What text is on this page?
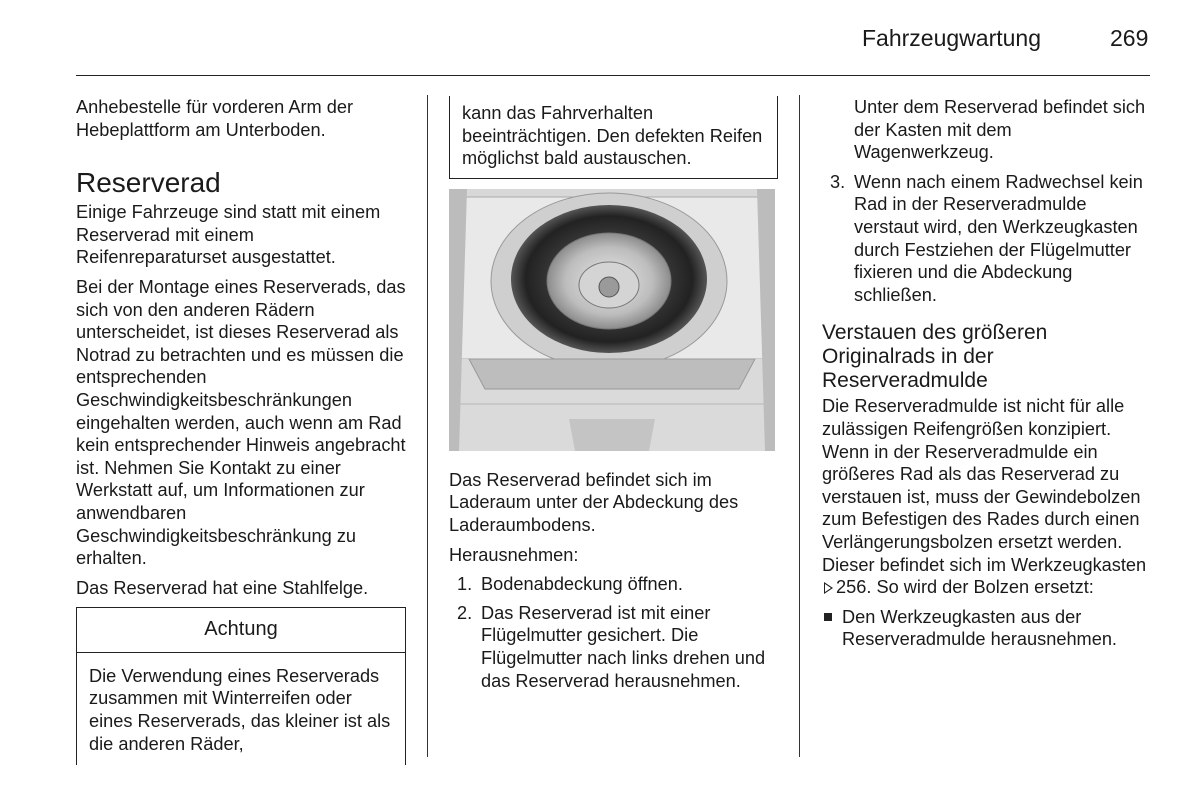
Fahrzeugwartung	269

Anhebestelle für vorderen Arm der Hebeplattform am Unterboden.

Reserverad

Einige Fahrzeuge sind statt mit einem Reserverad mit einem Reifenreparaturset ausgestattet.

Bei der Montage eines Reserverads, das sich von den anderen Rädern unterscheidet, ist dieses Reserverad als Notrad zu betrachten und es müssen die entsprechenden Geschwindigkeitsbeschränkungen eingehalten werden, auch wenn am Rad kein entsprechender Hinweis angebracht ist. Nehmen Sie Kontakt zu einer Werkstatt auf, um Informationen zur anwendbaren Geschwindigkeitsbeschränkung zu erhalten.

Das Reserverad hat eine Stahlfelge.

Achtung
Die Verwendung eines Reserverads zusammen mit Winterreifen oder eines Reserverads, das kleiner ist als die anderen Räder,
kann das Fahrverhalten beeinträchtigen. Den defekten Reifen möglichst bald austauschen.

Das Reserverad befindet sich im Laderaum unter der Abdeckung des Laderaumbodens.

Herausnehmen:

1. Bodenabdeckung öffnen.
2. Das Reserverad ist mit einer Flügelmutter gesichert. Die Flügelmutter nach links drehen und das Reserverad herausnehmen.

Unter dem Reserverad befindet sich der Kasten mit dem Wagenwerkzeug.

3. Wenn nach einem Radwechsel kein Rad in der Reserveradmulde verstaut wird, den Werkzeugkasten durch Festziehen der Flügelmutter fixieren und die Abdeckung schließen.
Verstauen des größeren Originalrads in der Reserveradmulde

Die Reserveradmulde ist nicht für alle zulässigen Reifengrößen konzipiert. Wenn in der Reserveradmulde ein größeres Rad als das Reserverad zu verstauen ist, muss der Gewindebolzen zum Befestigen des Rades durch einen Verlängerungsbolzen ersetzt werden. Dieser befindet sich im Werkzeugkasten 256. So wird der Bolzen ersetzt:

Den Werkzeugkasten aus der Reserveradmulde herausnehmen.
